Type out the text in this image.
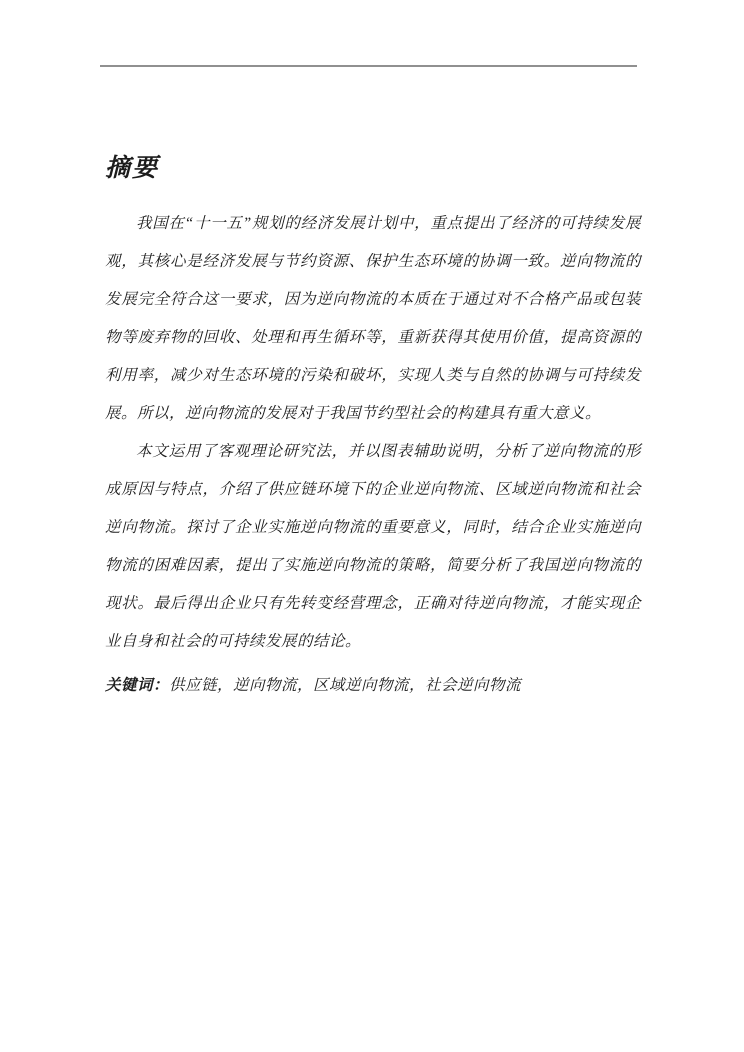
摘要

我国在“十一五”规划的经济发展计划中，重点提出了经济的可持续发展观，其核心是经济发展与节约资源、保护生态环境的协调一致。逆向物流的发展完全符合这一要求，因为逆向物流的本质在于通过对不合格产品或包装物等废弃物的回收、处理和再生循环等，重新获得其使用价值，提高资源的利用率，减少对生态环境的污染和破坏，实现人类与自然的协调与可持续发展。所以，逆向物流的发展对于我国节约型社会的构建具有重大意义。

本文运用了客观理论研究法，并以图表辅助说明，分析了逆向物流的形成原因与特点，介绍了供应链环境下的企业逆向物流、区域逆向物流和社会逆向物流。探讨了企业实施逆向物流的重要意义，同时，结合企业实施逆向物流的困难因素，提出了实施逆向物流的策略，简要分析了我国逆向物流的现状。最后得出企业只有先转变经营理念，正确对待逆向物流，才能实现企业自身和社会的可持续发展的结论。

关键词：供应链，逆向物流，区域逆向物流，社会逆向物流
